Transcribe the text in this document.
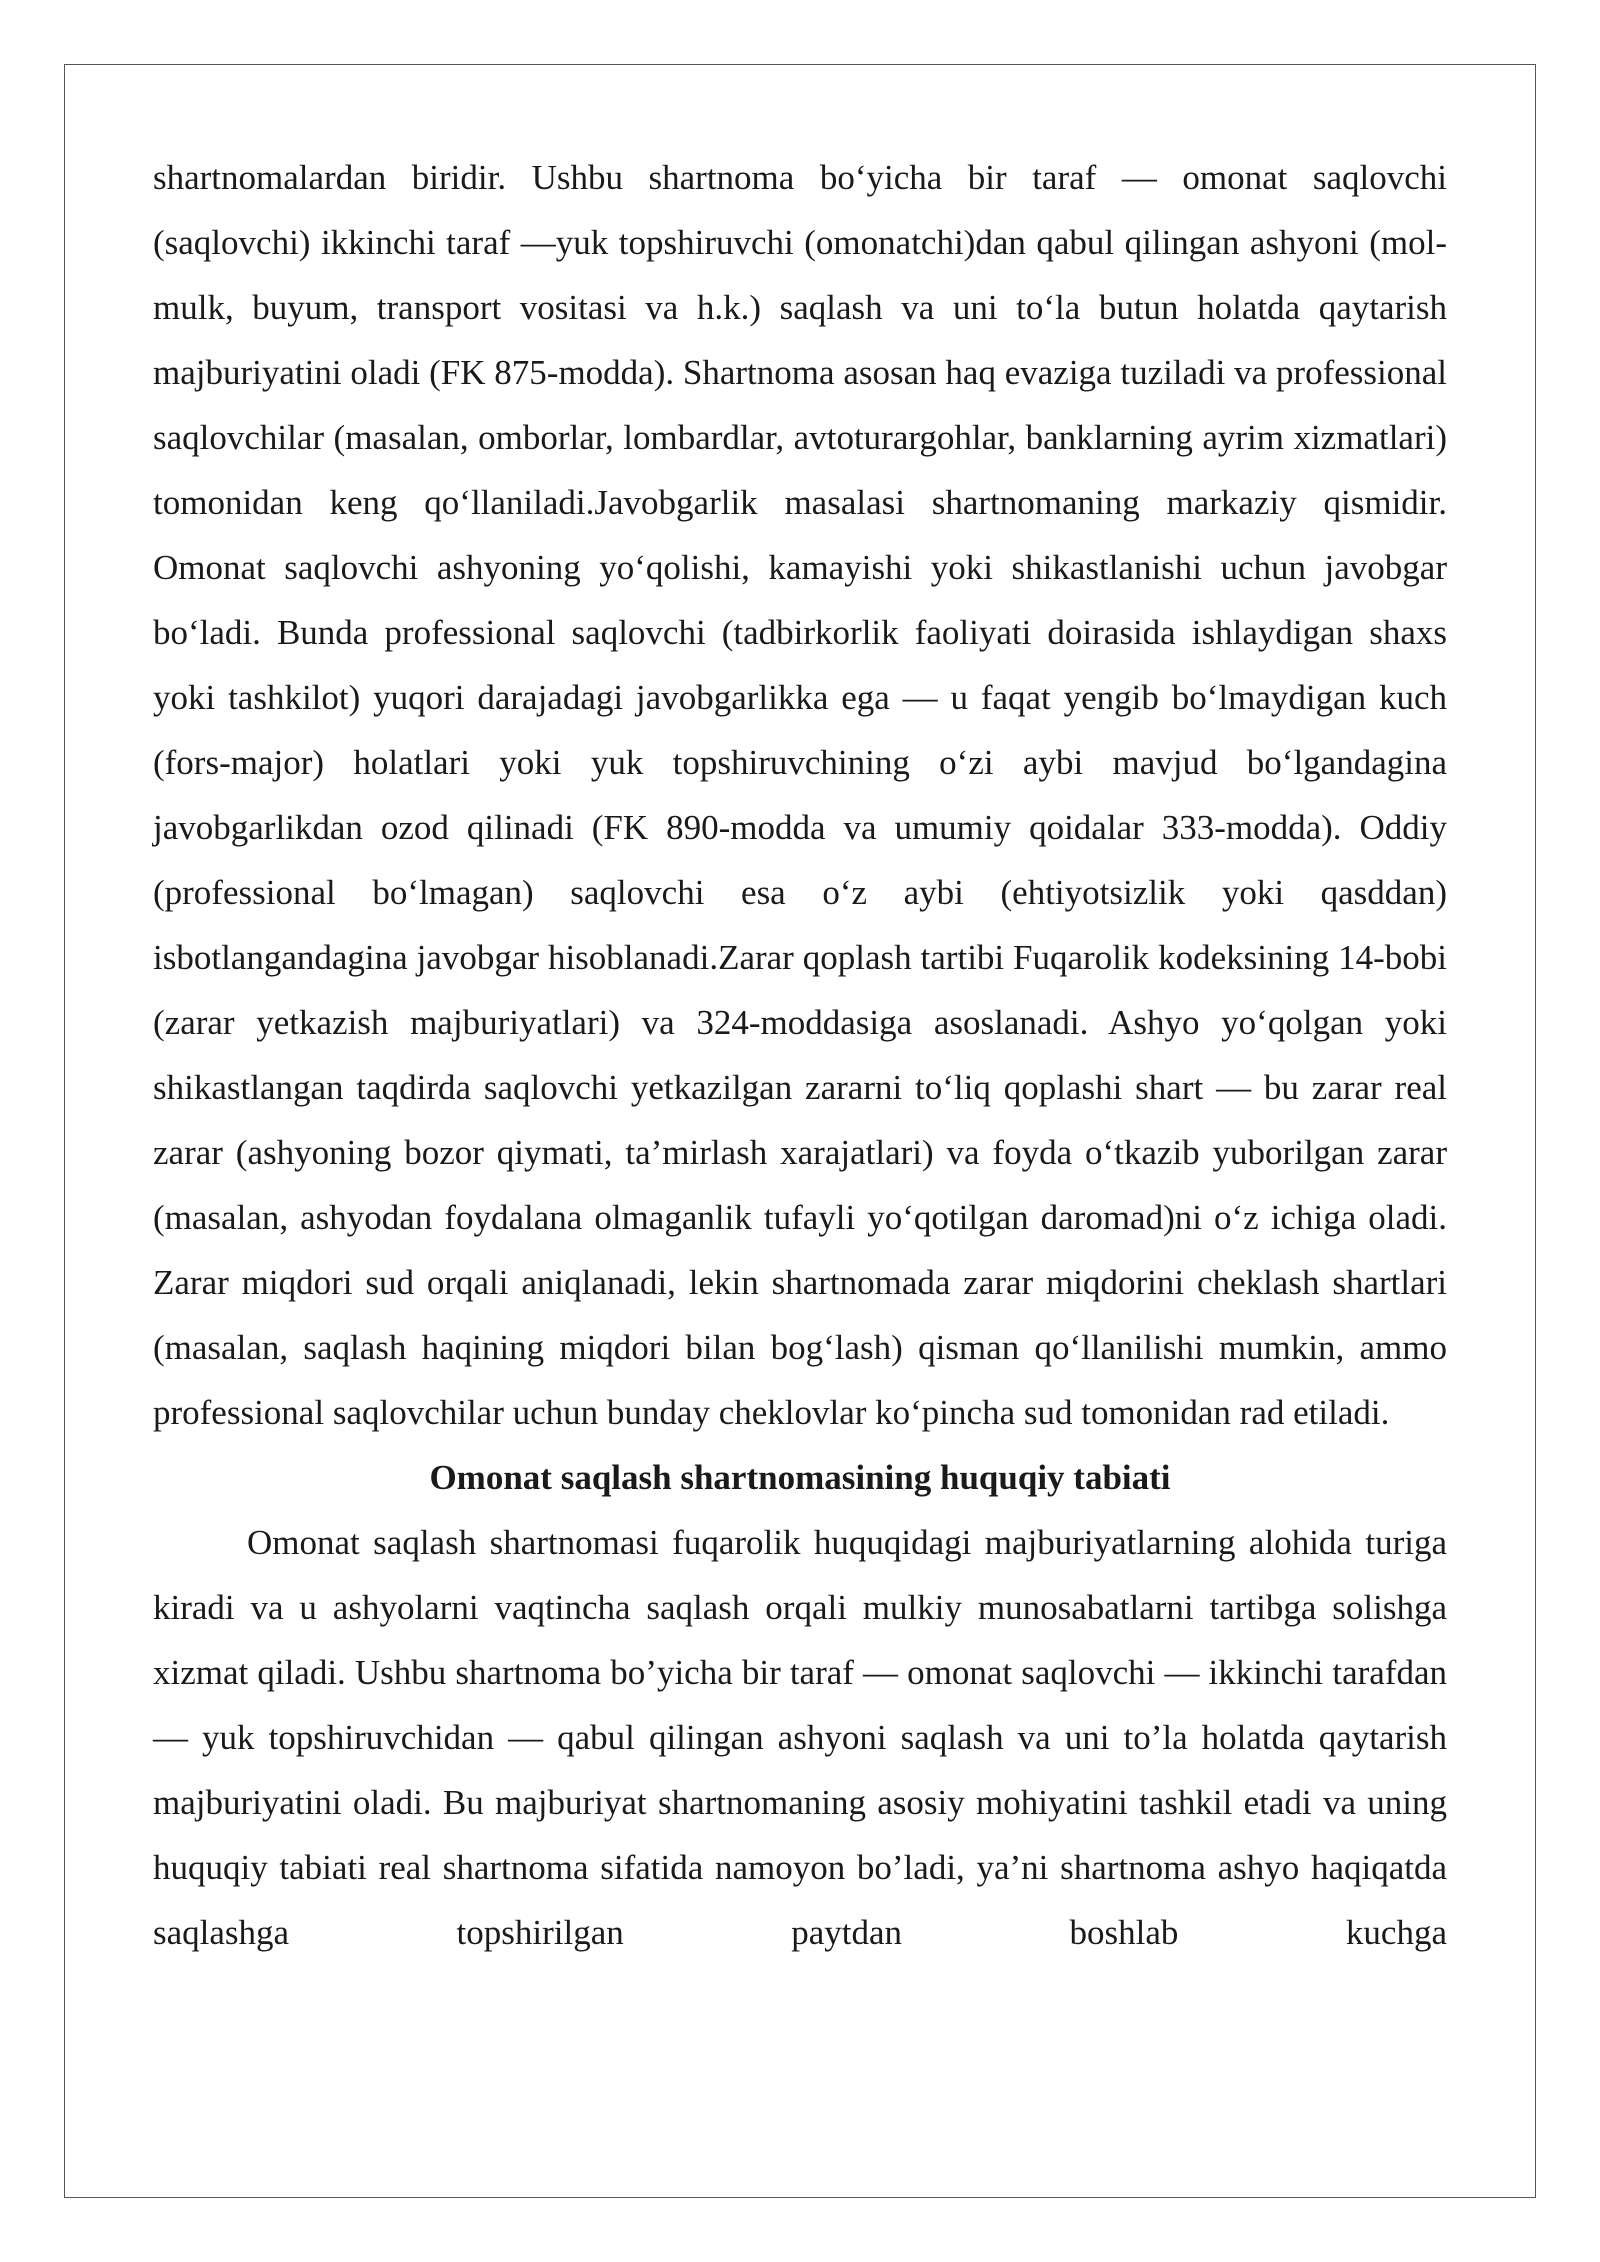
shartnomalardan biridir. Ushbu shartnoma bo‘yicha bir taraf — omonat saqlovchi (saqlovchi) ikkinchi taraf —yuk topshiruvchi (omonatchi)dan qabul qilingan ashyoni (mol-mulk, buyum, transport vositasi va h.k.) saqlash va uni to‘la butun holatda qaytarish majburiyatini oladi (FK 875-modda). Shartnoma asosan haq evaziga tuziladi va professional saqlovchilar (masalan, omborlar, lombardlar, avtoturargohlar, banklarning ayrim xizmatlari) tomonidan keng qo‘llaniladi.Javobgarlik masalasi shartnomaning markaziy qismidir. Omonat saqlovchi ashyoning yo‘qolishi, kamayishi yoki shikastlanishi uchun javobgar bo‘ladi. Bunda professional saqlovchi (tadbirkorlik faoliyati doirasida ishlaydigan shaxs yoki tashkilot) yuqori darajadagi javobgarlikka ega — u faqat yengib bo‘lmaydigan kuch (fors-major) holatlari yoki yuk topshiruvchining o‘zi aybi mavjud bo‘lgandagina javobgarlikdan ozod qilinadi (FK 890-modda va umumiy qoidalar 333-modda). Oddiy (professional bo‘lmagan) saqlovchi esa o‘z aybi (ehtiyotsizlik yoki qasddan) isbotlangandagina javobgar hisoblanadi.Zarar qoplash tartibi Fuqarolik kodeksining 14-bobi (zarar yetkazish majburiyatlari) va 324-moddasiga asoslanadi. Ashyo yo‘qolgan yoki shikastlangan taqdirda saqlovchi yetkazilgan zararni to‘liq qoplashi shart — bu zarar real zarar (ashyoning bozor qiymati, ta’mirlash xarajatlari) va foyda o‘tkazib yuborilgan zarar (masalan, ashyodan foydalana olmaganlik tufayli yo‘qotilgan daromad)ni o‘z ichiga oladi. Zarar miqdori sud orqali aniqlanadi, lekin shartnomada zarar miqdorini cheklash shartlari (masalan, saqlash haqining miqdori bilan bog‘lash) qisman qo‘llanilishi mumkin, ammo professional saqlovchilar uchun bunday cheklovlar ko‘pincha sud tomonidan rad etiladi.

Omonat saqlash shartnomasining huquqiy tabiati

Omonat saqlash shartnomasi fuqarolik huquqidagi majburiyatlarning alohida turiga kiradi va u ashyolarni vaqtincha saqlash orqali mulkiy munosabatlarni tartibga solishga xizmat qiladi. Ushbu shartnoma bo’yicha bir taraf — omonat saqlovchi — ikkinchi tarafdan — yuk topshiruvchidan — qabul qilingan ashyoni saqlash va uni to’la holatda qaytarish majburiyatini oladi. Bu majburiyat shartnomaning asosiy mohiyatini tashkil etadi va uning huquqiy tabiati real shartnoma sifatida namoyon bo’ladi, ya’ni shartnoma ashyo haqiqatda saqlashga topshirilgan paytdan boshlab kuchga
